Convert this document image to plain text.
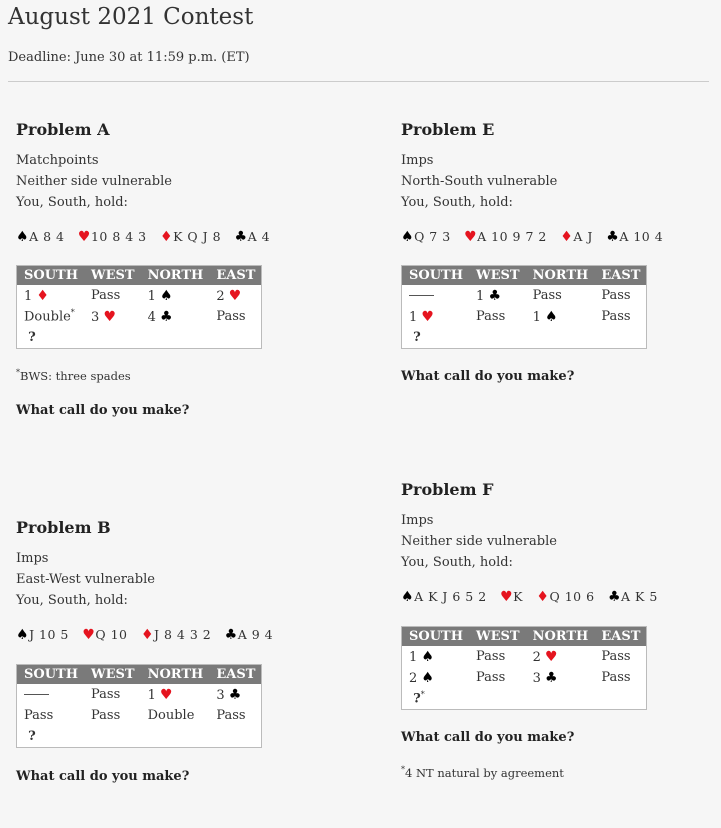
August 2021 Contest

Deadline: June 30 at 11:59 p.m. (ET)

Problem A

Matchpoints

Neither side vulnerable

You, South, hold:

♠A 8 4 ♥10 8 4 3 ♦K Q J 8 ♣A 4

SOUTH	WEST	NORTH	EAST
1 ♦	Pass	1 ♠	2 ♥
Double*	3 ♥	4 ♣	Pass
?			

*BWS: three spades

What call do you make?

Problem B

Imps

East-West vulnerable

You, South, hold:

♠J 10 5 ♥Q 10 ♦J 8 4 3 2 ♣A 9 4

SOUTH	WEST	NORTH	EAST
	Pass	1 ♥	3 ♣
Pass	Pass	Double	Pass
?			

What call do you make?

Problem E

Imps

North-South vulnerable

You, South, hold:

♠Q 7 3 ♥A 10 9 7 2 ♦A J ♣A 10 4

SOUTH	WEST	NORTH	EAST
	1 ♣	Pass	Pass
1 ♥	Pass	1 ♠	Pass
?			

What call do you make?

Problem F

Imps

Neither side vulnerable

You, South, hold:

♠A K J 6 5 2 ♥K ♦Q 10 6 ♣A K 5

SOUTH	WEST	NORTH	EAST
1 ♠	Pass	2 ♥	Pass
2 ♠	Pass	3 ♣	Pass
?*			

What call do you make?

*4 NT natural by agreement
